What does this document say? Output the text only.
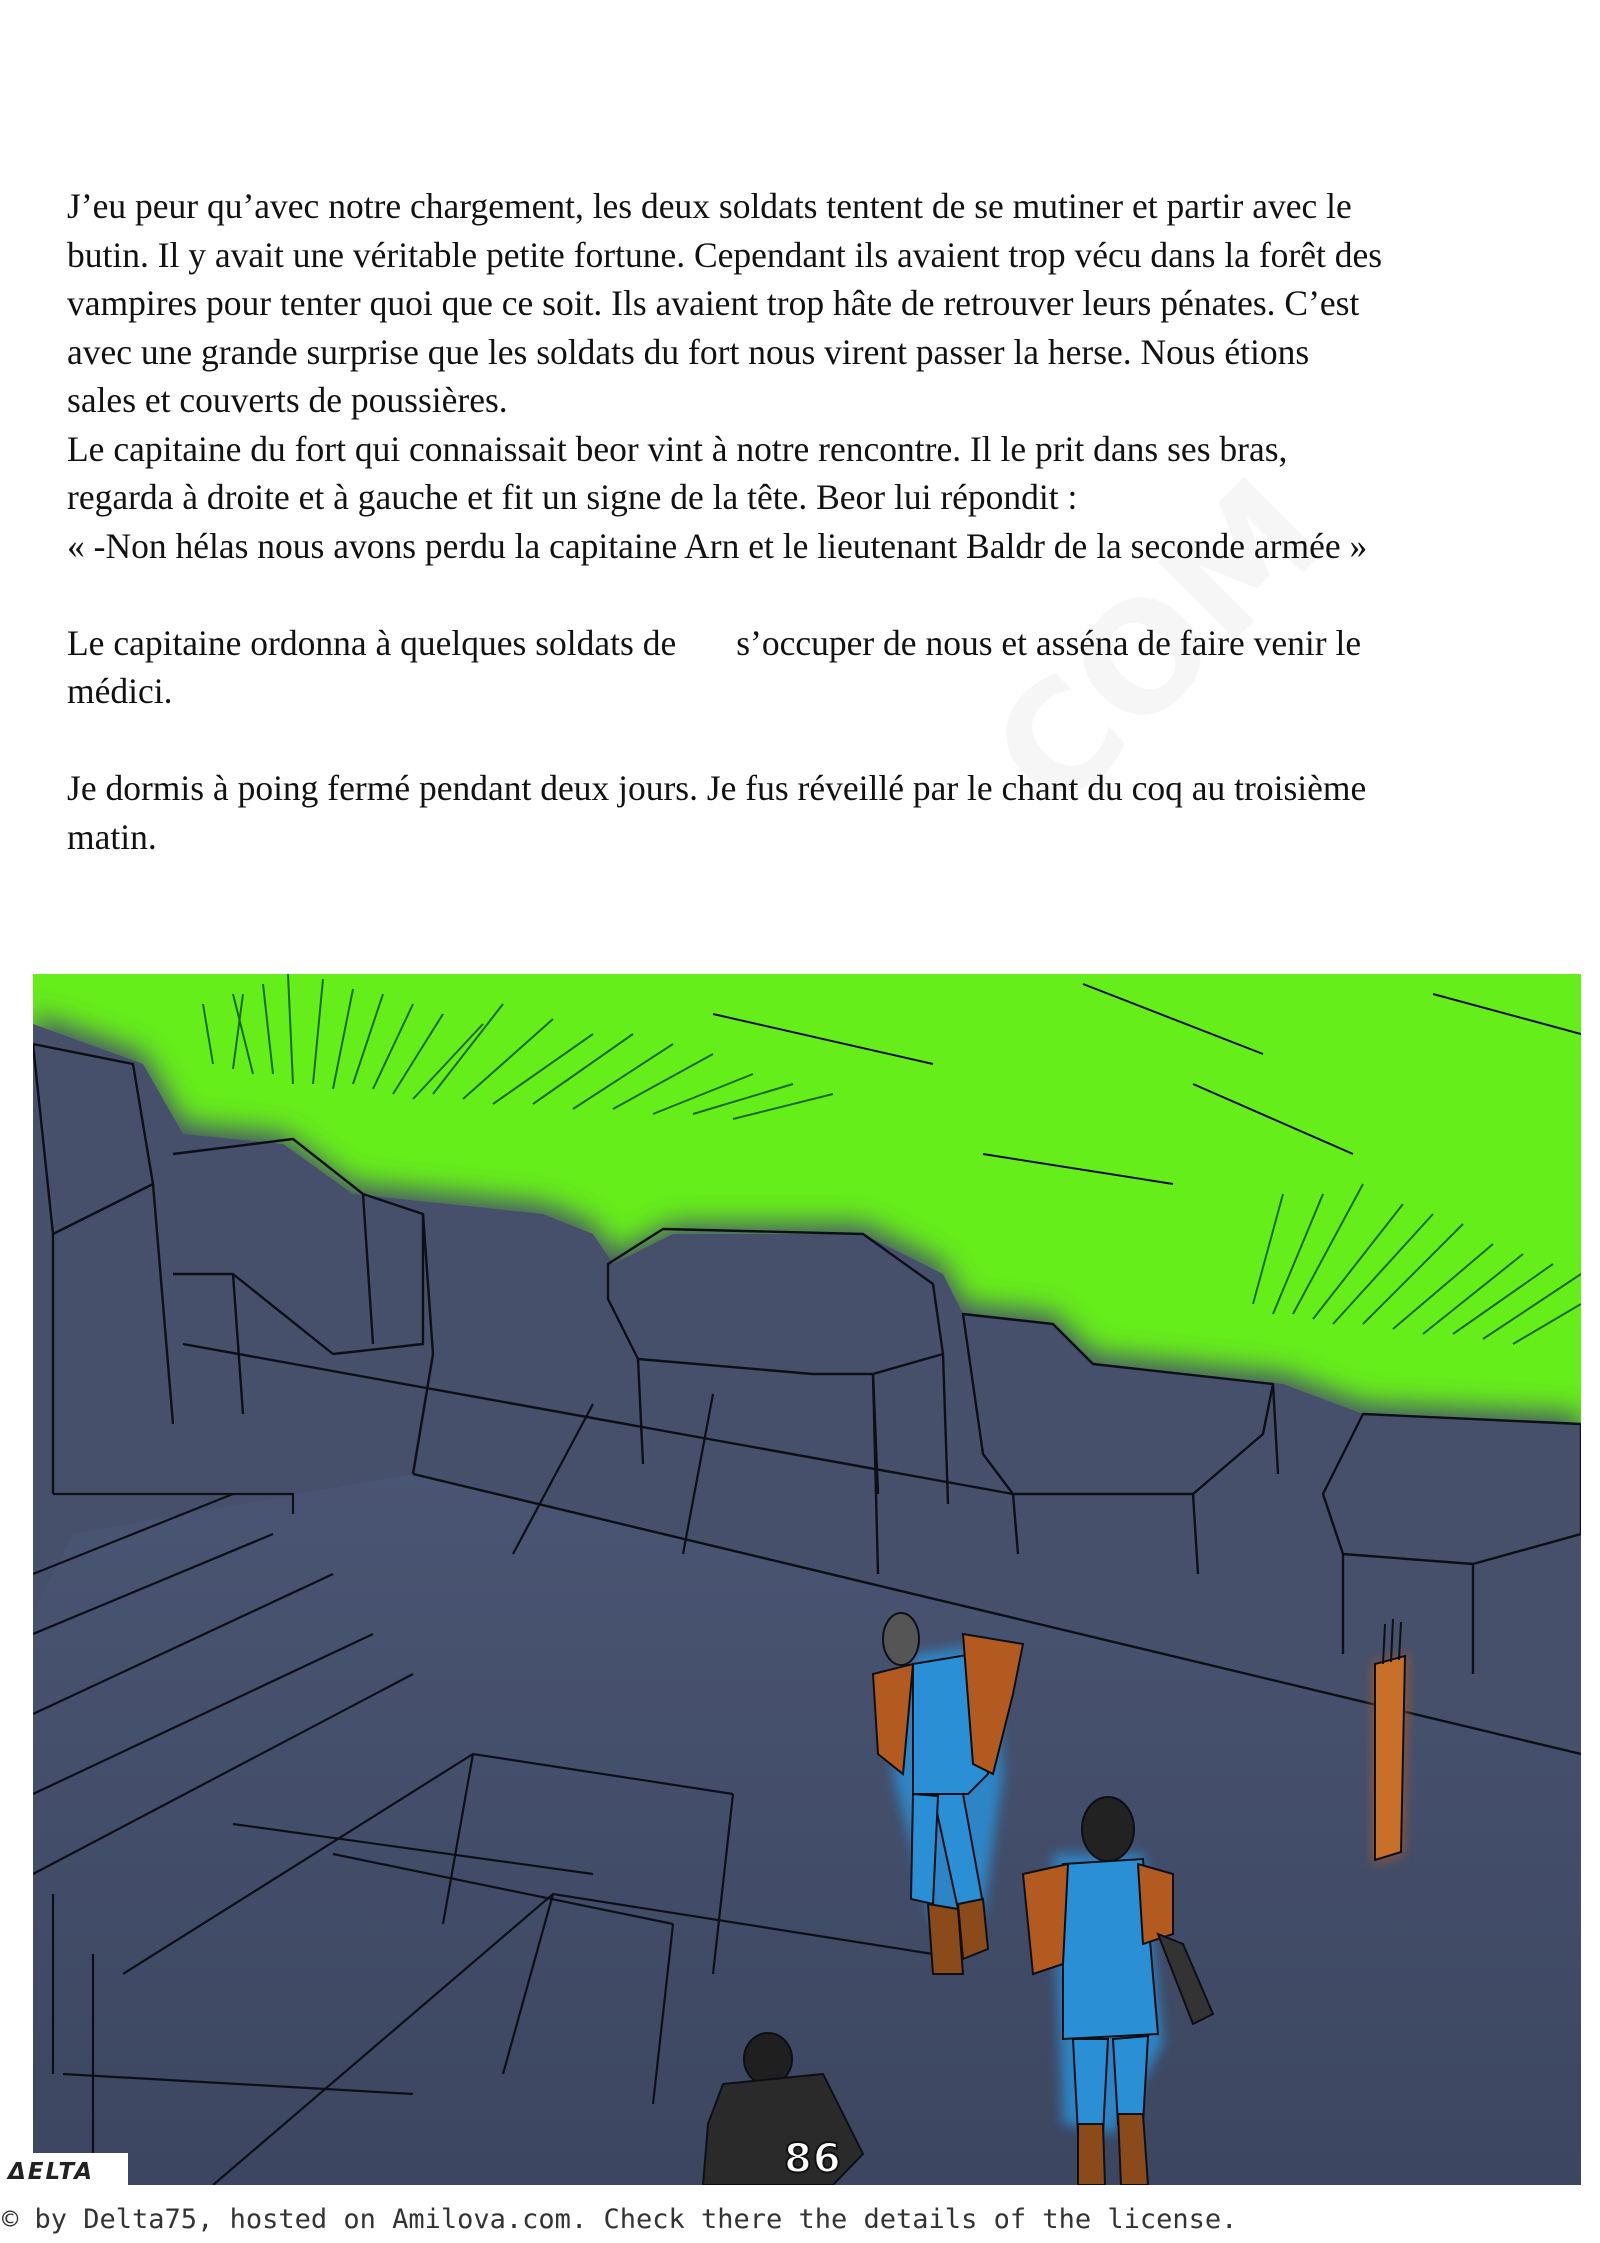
J’eu peur qu’avec notre chargement, les deux soldats tentent de se mutiner et partir avec le

butin. Il y avait une véritable petite fortune. Cependant ils avaient trop vécu dans la forêt des

vampires pour tenter quoi que ce soit. Ils avaient trop hâte de retrouver leurs pénates. C’est

avec une grande surprise que les soldats du fort nous virent passer la herse. Nous étions

sales et couverts de poussières.

Le capitaine du fort qui connaissait beor vint à notre rencontre. Il le prit dans ses bras,

regarda à droite et à gauche et fit un signe de la tête. Beor lui répondit :

« -Non hélas nous avons perdu la capitaine Arn et le lieutenant Baldr de la seconde armée »

Le capitaine ordonna à quelques soldats de s’occuper de nous et asséna de faire venir le

médici.

Je dormis à poing fermé pendant deux jours. Je fus réveillé par le chant du coq au troisième

matin.

ΔELTA	86
© by Delta75, hosted on Amilova.com. Check there the details of the license.
